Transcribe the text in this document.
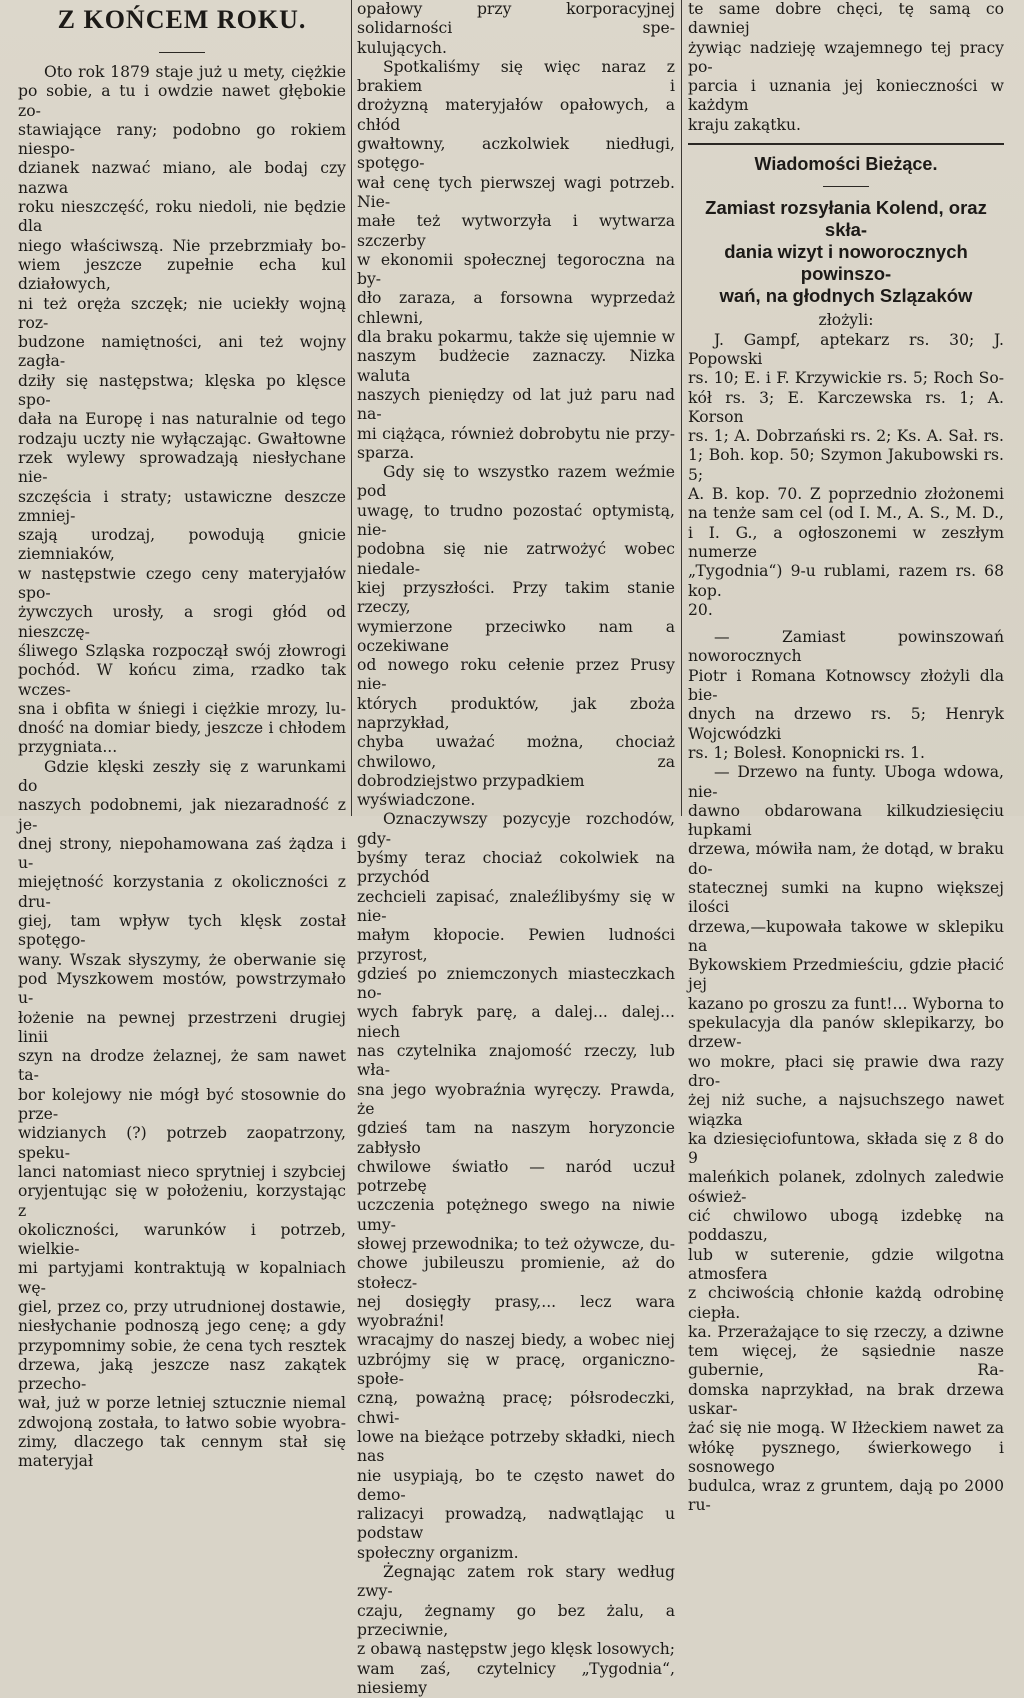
Z KOŃCEM ROKU.

Oto rok 1879 staje już u mety, ciężkie

po sobie, a tu i owdzie nawet głębokie zo-

stawiające rany; podobno go rokiem niespo-

dzianek nazwać miano, ale bodaj czy nazwa

roku nieszczęść, roku niedoli, nie będzie dla

niego właściwszą. Nie przebrzmiały bo-

wiem jeszcze zupełnie echa kul działowych,

ni też oręża szczęk; nie uciekły wojną roz-

budzone namiętności, ani też wojny zagła-

dziły się następstwa; klęska po klęsce spo-

dała na Europę i nas naturalnie od tego

rodzaju uczty nie wyłączając. Gwałtowne

rzek wylewy sprowadzają niesłychane nie-

szczęścia i straty; ustawiczne deszcze zmniej-

szają urodzaj, powodują gnicie ziemniaków,

w następstwie czego ceny materyjałów spo-

żywczych urosły, a srogi głód od nieszczę-

śliwego Szląska rozpoczął swój złowrogi

pochód. W końcu zima, rzadko tak wczes-

sna i obfita w śniegi i ciężkie mrozy, lu-

dność na domiar biedy, jeszcze i chłodem

przygniata...

Gdzie klęski zeszły się z warunkami do

naszych podobnemi, jak niezaradność z je-

dnej strony, niepohamowana zaś żądza i u-

miejętność korzystania z okoliczności z dru-

giej, tam wpływ tych klęsk został spotęgo-

wany. Wszak słyszymy, że oberwanie się

pod Myszkowem mostów, powstrzymało u-

łożenie na pewnej przestrzeni drugiej linii

szyn na drodze żelaznej, że sam nawet ta-

bor kolejowy nie mógł być stosownie do prze-

widzianych (?) potrzeb zaopatrzony, speku-

lanci natomiast nieco sprytniej i szybciej

oryjentując się w położeniu, korzystając z

okoliczności, warunków i potrzeb, wielkie-

mi partyjami kontraktują w kopalniach wę-

giel, przez co, przy utrudnionej dostawie,

niesłychanie podnoszą jego cenę; a gdy

przypomnimy sobie, że cena tych resztek

drzewa, jaką jeszcze nasz zakątek przecho-

wał, już w porze letniej sztucznie niemal

zdwojoną została, to łatwo sobie wyobra-

zimy, dlaczego tak cennym stał się materyjał

opałowy przy korporacyjnej solidarności spe-

kulujących.

Spotkaliśmy się więc naraz z brakiem i

drożyzną materyjałów opałowych, a chłód

gwałtowny, aczkolwiek niedługi, spotęgo-

wał cenę tych pierwszej wagi potrzeb. Nie-

małe też wytworzyła i wytwarza szczerby

w ekonomii społecznej tegoroczna na by-

dło zaraza, a forsowna wyprzedaż chlewni,

dla braku pokarmu, także się ujemnie w

naszym budżecie zaznaczy. Nizka waluta

naszych pieniędzy od lat już paru nad na-

mi ciążąca, również dobrobytu nie przy-

sparza.

Gdy się to wszystko razem weźmie pod

uwagę, to trudno pozostać optymistą, nie-

podobna się nie zatrwożyć wobec niedale-

kiej przyszłości. Przy takim stanie rzeczy,

wymierzone przeciwko nam a oczekiwane

od nowego roku cełenie przez Prusy nie-

których produktów, jak zboża naprzykład,

chyba uważać można, chociaż chwilowo, za

dobrodziejstwo przypadkiem wyświadczone.

Oznaczywszy pozycyje rozchodów, gdy-

byśmy teraz chociaż cokolwiek na przychód

zechcieli zapisać, znaleźlibyśmy się w nie-

małym kłopocie. Pewien ludności przyrost,

gdzieś po zniemczonych miasteczkach no-

wych fabryk parę, a dalej... dalej... niech

nas czytelnika znajomość rzeczy, lub wła-

sna jego wyobraźnia wyręczy. Prawda, że

gdzieś tam na naszym horyzoncie zabłysło

chwilowe światło — naród uczuł potrzebę

uczczenia potężnego swego na niwie umy-

słowej przewodnika; to też ożywcze, du-

chowe jubileuszu promienie, aż do stołecz-

nej dosięgły prasy,... lecz wara wyobraźni!

wracajmy do naszej biedy, a wobec niej

uzbrójmy się w pracę, organiczno-społe-

czną, poważną pracę; półsrodeczki, chwi-

lowe na bieżące potrzeby składki, niech nas

nie usypiają, bo te często nawet do demo-

ralizacyi prowadzą, nadwątlając u podstaw

społeczny organizm.

Żegnając zatem rok stary według zwy-

czaju, żegnamy go bez żalu, a przeciwnie,

z obawą następstw jego klęsk losowych;

wam zaś, czytelnicy „Tygodnia“, niesiemy

te same dobre chęci, tę samą co dawniej

żywiąc nadzieję wzajemnego tej pracy po-

parcia i uznania jej konieczności w każdym

kraju zakątku.

Wiadomości Bieżące.

Zamiast rozsyłania Kolend, oraz skła-

dania wizyt i noworocznych powinszo-

wań, na głodnych Szlązaków

złożyli:

J. Gampf, aptekarz rs. 30; J. Popowski

rs. 10; E. i F. Krzywickie rs. 5; Roch So-

kół rs. 3; E. Karczewska rs. 1; A. Korson

rs. 1; A. Dobrzański rs. 2; Ks. A. Sał. rs.

1; Boh. kop. 50; Szymon Jakubowski rs. 5;

A. B. kop. 70. Z poprzednio złożonemi

na tenże sam cel (od I. M., A. S., M. D.,

i I. G., a ogłoszonemi w zeszłym numerze

„Tygodnia“) 9-u rublami, razem rs. 68 kop.

20.

— Zamiast powinszowań noworocznych

Piotr i Romana Kotnowscy złożyli dla bie-

dnych na drzewo rs. 5; Henryk Wojcwódzki

rs. 1; Bolesł. Konopnicki rs. 1.

— Drzewo na funty. Uboga wdowa, nie-

dawno obdarowana kilkudziesięciu łupkami

drzewa, mówiła nam, że dotąd, w braku do-

statecznej sumki na kupno większej ilości

drzewa,—kupowała takowe w sklepiku na

Bykowskiem Przedmieściu, gdzie płacić jej

kazano po groszu za funt!... Wyborna to

spekulacyja dla panów sklepikarzy, bo drzew-

wo mokre, płaci się prawie dwa razy dro-

żej niż suche, a najsuchszego nawet wiązka

ka dziesięciofuntowa, składa się z 8 do 9

maleńkich polanek, zdolnych zaledwie ośwież-

cić chwilowo ubogą izdebkę na poddaszu,

lub w suterenie, gdzie wilgotna atmosfera

z chciwością chłonie każdą odrobinę ciepła.

ka. Przerażające to się rzeczy, a dziwne

tem więcej, że sąsiednie nasze gubernie, Ra-

domska naprzykład, na brak drzewa uskar-

żać się nie mogą. W Iłżeckiem nawet za

włókę pysznego, świerkowego i sosnowego

budulca, wraz z gruntem, dają po 2000 ru-
